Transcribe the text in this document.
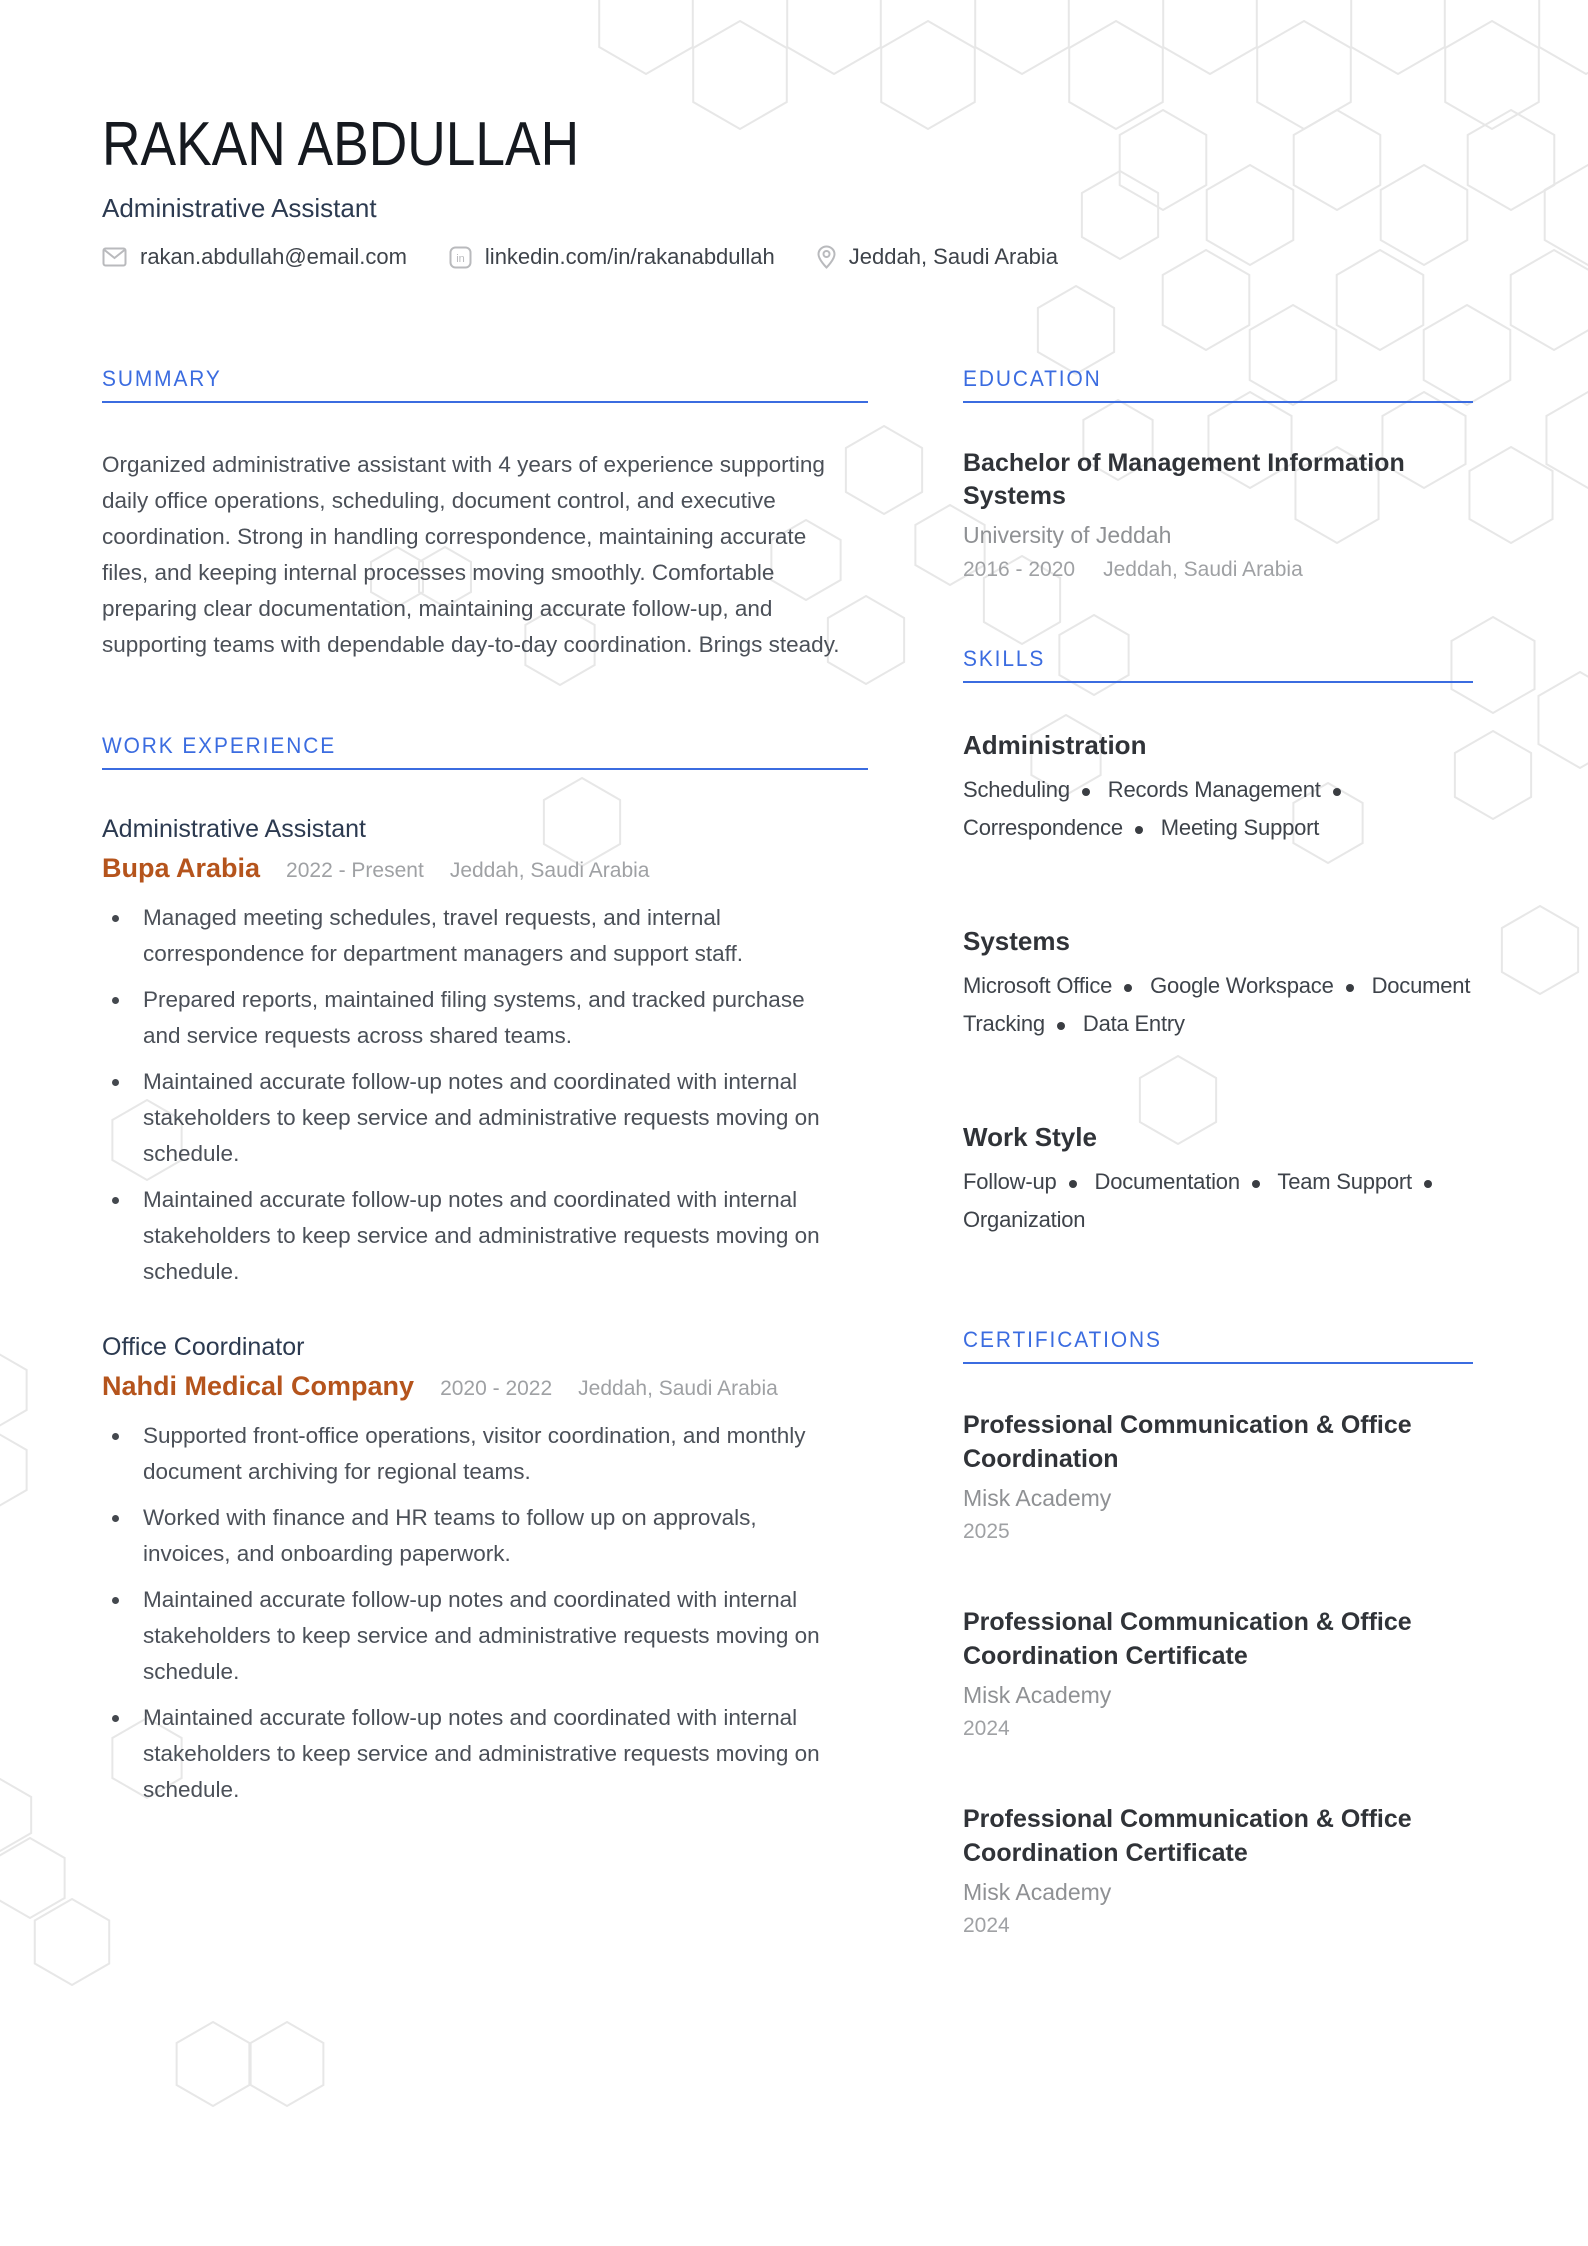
RAKAN ABDULLAH
Administrative Assistant
rakan.abdullah@email.com	in linkedin.com/in/rakanabdullah	Jeddah, Saudi Arabia
SUMMARY
Organized administrative assistant with 4 years of experience supporting daily office operations, scheduling, document control, and executive coordination. Strong in handling correspondence, maintaining accurate files, and keeping internal processes moving smoothly. Comfortable preparing clear documentation, maintaining accurate follow-up, and supporting teams with dependable day-to-day coordination. Brings steady.
WORK EXPERIENCE
Administrative Assistant
Bupa Arabia 2022 - Present Jeddah, Saudi Arabia
Managed meeting schedules, travel requests, and internal correspondence for department managers and support staff.
Prepared reports, maintained filing systems, and tracked purchase and service requests across shared teams.
Maintained accurate follow-up notes and coordinated with internal stakeholders to keep service and administrative requests moving on schedule.
Maintained accurate follow-up notes and coordinated with internal stakeholders to keep service and administrative requests moving on schedule.
Office Coordinator
Nahdi Medical Company 2020 - 2022 Jeddah, Saudi Arabia
Supported front-office operations, visitor coordination, and monthly document archiving for regional teams.
Worked with finance and HR teams to follow up on approvals, invoices, and onboarding paperwork.
Maintained accurate follow-up notes and coordinated with internal stakeholders to keep service and administrative requests moving on schedule.
Maintained accurate follow-up notes and coordinated with internal stakeholders to keep service and administrative requests moving on schedule.
EDUCATION
Bachelor of Management Information Systems
University of Jeddah
2016 - 2020 Jeddah, Saudi Arabia
SKILLS
Administration
Scheduling Records Management Correspondence Meeting Support
Systems
Microsoft Office Google Workspace Document Tracking Data Entry
Work Style
Follow-up Documentation Team Support Organization
CERTIFICATIONS
Professional Communication & Office Coordination
Misk Academy
2025
Professional Communication & Office Coordination Certificate
Misk Academy
2024
Professional Communication & Office Coordination Certificate
Misk Academy
2024
